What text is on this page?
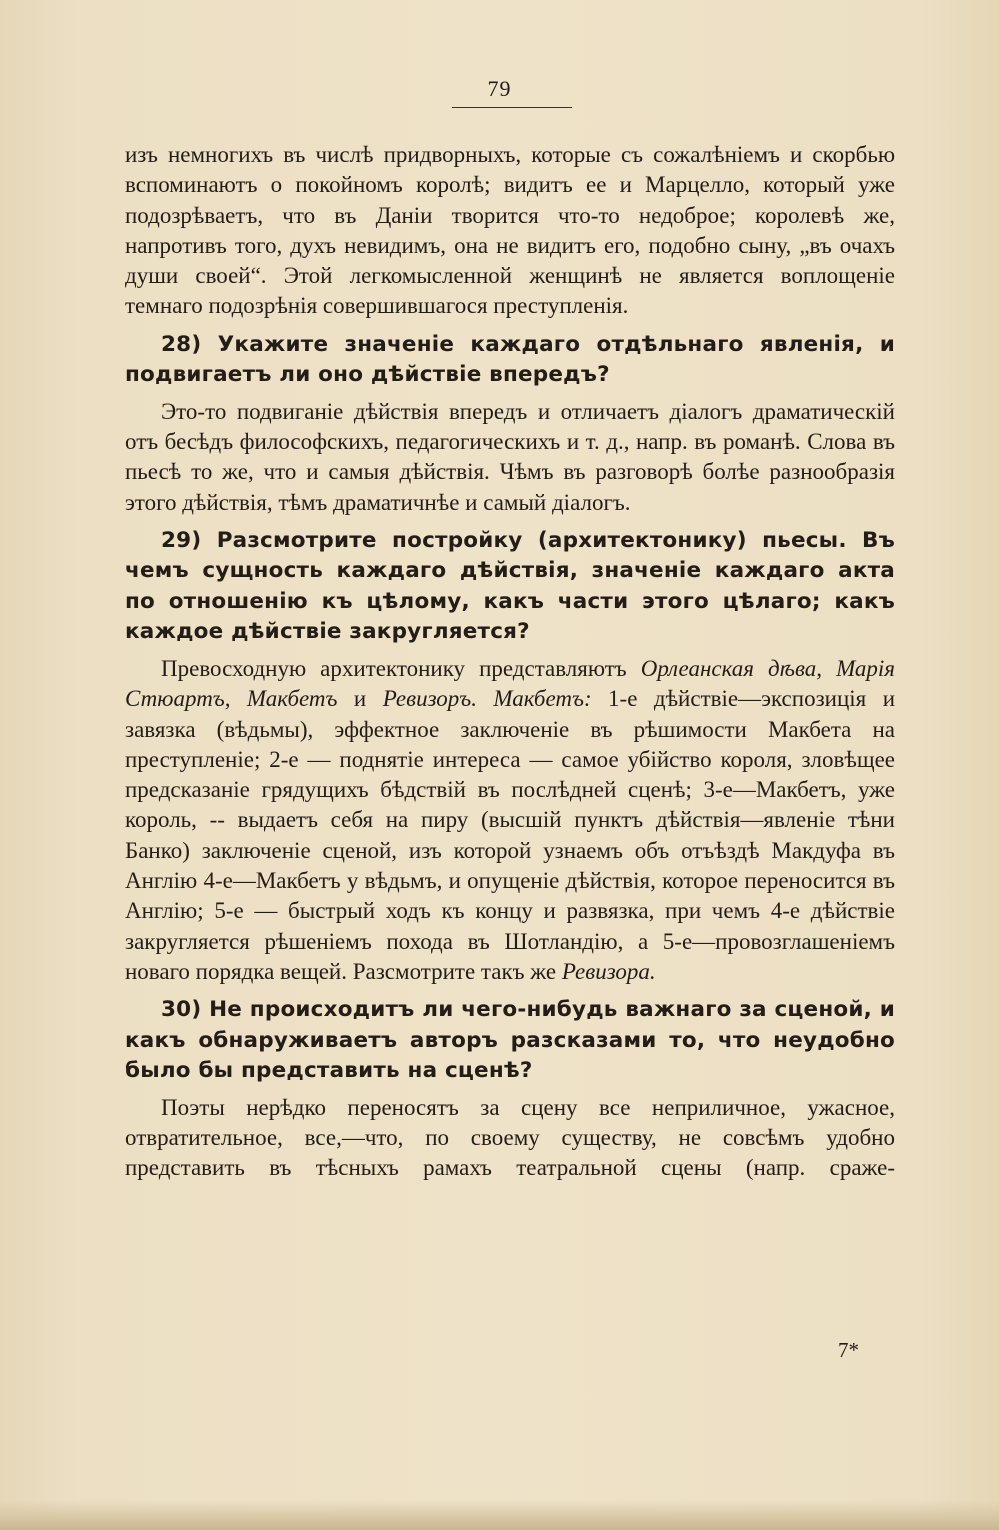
79

изъ немногихъ въ числѣ придворныхъ, которые съ сожалѣніемъ и скорбью вспоминаютъ о покойномъ королѣ; видитъ ее и Марцелло, который уже подозрѣваетъ, что въ Даніи творится что-то недоброе; королевѣ же, напротивъ того, духъ невидимъ, она не видитъ его, подобно сыну, „въ очахъ души своей“. Этой легкомысленной женщинѣ не является воплощеніе темнаго подозрѣнія совершившагося преступленія.

28) Укажите значеніе каждаго отдѣльнаго явленія, и подвигаетъ ли оно дѣйствіе впередъ?

Это-то подвиганіе дѣйствія впередъ и отличаетъ діалогъ драматическій отъ бесѣдъ философскихъ, педагогическихъ и т. д., напр. въ романѣ. Слова въ пьесѣ то же, что и самыя дѣйствія. Чѣмъ въ разговорѣ болѣе разнообразія этого дѣйствія, тѣмъ драматичнѣе и самый діалогъ.

29) Разсмотрите постройку (архитектонику) пьесы. Въ чемъ сущность каждаго дѣйствія, значеніе каждаго акта по отношенію къ цѣлому, какъ части этого цѣлаго; какъ каждое дѣйствіе закругляется?

Превосходную архитектонику представляютъ Орлеанская дѣва, Марія Стюартъ, Макбетъ и Ревизоръ. Макбетъ: 1-е дѣйствіе—экспозиція и завязка (вѣдьмы), эффектное заключеніе въ рѣшимости Макбета на преступленіе; 2-е — поднятіе интереса — самое убійство короля, зловѣщее предсказаніе грядущихъ бѣдствій въ послѣдней сценѣ; 3-е—Макбетъ, уже король, -- выдаетъ себя на пиру (высшій пунктъ дѣйствія—явленіе тѣни Банко) заключеніе сценой, изъ которой узнаемъ объ отъѣздѣ Макдуфа въ Англію 4-е—Макбетъ у вѣдьмъ, и опущеніе дѣйствія, которое переносится въ Англію; 5-е — быстрый ходъ къ концу и развязка, при чемъ 4-е дѣйствіе закругляется рѣшеніемъ похода въ Шотландію, а 5-е—провозглашеніемъ новаго порядка вещей. Разсмотрите такъ же Ревизора.

30) Не происходитъ ли чего-нибудь важнаго за сценой, и какъ обнаруживаетъ авторъ разсказами то, что неудобно было бы представить на сценѣ?

Поэты нерѣдко переносятъ за сцену все неприличное, ужасное, отвратительное, все,—что, по своему существу, не совсѣмъ удобно представить въ тѣсныхъ рамахъ театральной сцены (напр. сраже-

7*
